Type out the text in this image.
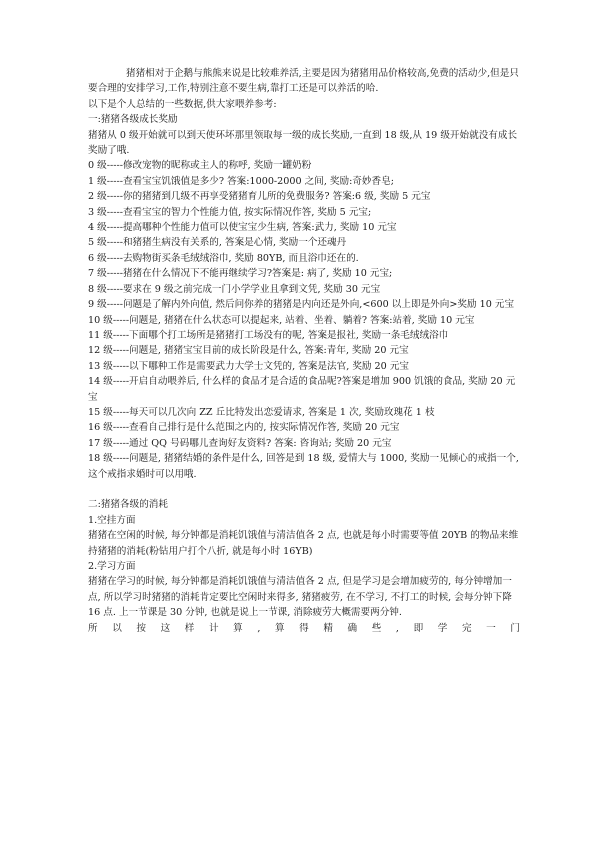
猪猪相对于企鹅与熊熊来说是比较难养活,主要是因为猪猪用品价格较高,免费的活动少,但是只要合理的安排学习,工作,特别注意不要生病,靠打工还是可以养活的哈.

以下是个人总结的一些数据,供大家喂养参考:

一:猪猪各级成长奖励

猪猪从 0 级开始就可以到天使环坏那里领取每一级的成长奖励,一直到 18 级,从 19 级开始就没有成长奖励了哦.

0 级-----修改宠物的昵称或主人的称呼, 奖励一罐奶粉

1 级-----查看宝宝饥饿值是多少? 答案:1000-2000 之间, 奖励:奇妙香皂;

2 级-----你的猪猪到几级不再享受猪猪育儿所的免费服务? 答案:6 级, 奖励 5 元宝

3 级-----查看宝宝的智力个性能力值, 按实际情况作答, 奖励 5 元宝;

4 级-----提高哪种个性能力值可以使宝宝少生病, 答案:武力, 奖励 10 元宝

5 级-----和猪猪生病没有关系的, 答案是心情, 奖励一个还魂丹

6 级-----去购物街买条毛绒绒浴巾, 奖励 80YB, 而且浴巾还在的.

7 级-----猪猪在什么情况下不能再继续学习?答案是: 病了, 奖励 10 元宝;

8 级-----要求在 9 级之前完成一门小学学业且拿到文凭, 奖励 30 元宝

9 级-----问题是了解内外向值, 然后问你养的猪猪是内向还是外向,<600 以上即是外向>奖励 10 元宝

10 级-----问题是, 猪猪在什么状态可以提起来, 站着、坐着、躺着? 答案:站着, 奖励 10 元宝

11 级-----下面哪个打工场所是猪猪打工场没有的呢, 答案是报社, 奖励一条毛绒绒浴巾

12 级-----问题是, 猪猪宝宝目前的成长阶段是什么, 答案:青年, 奖励 20 元宝

13 级-----以下哪种工作是需要武力大学士文凭的, 答案是法官, 奖励 20 元宝

14 级-----开启自动喂养后, 什么样的食品才是合适的食品呢?答案是增加 900 饥饿的食品, 奖励 20 元宝

15 级-----每天可以几次向 ZZ 丘比特发出恋爱请求, 答案是 1 次, 奖励玫瑰花 1 枝

16 级-----查看自己排行是什么范围之内的, 按实际情况作答, 奖励 20 元宝

17 级-----通过 QQ 号码哪儿查询好友资料? 答案: 咨询站; 奖励 20 元宝

18 级-----问题是, 猪猪结婚的条件是什么, 回答是到 18 级, 爱情大与 1000, 奖励一见倾心的戒指一个, 这个戒指求婚时可以用哦.

二:猪猪各级的消耗

1.空挂方面

猪猪在空闲的时候, 每分钟都是消耗饥饿值与清洁值各 2 点, 也就是每小时需要等值 20YB 的物品来维持猪猪的消耗(粉钻用户打个八折, 就是每小时 16YB)

2.学习方面

猪猪在学习的时候, 每分钟都是消耗饥饿值与清洁值各 2 点, 但是学习是会增加疲劳的, 每分钟增加一点, 所以学习时猪猪的消耗肯定要比空闲时来得多, 猪猪疲劳, 在不学习, 不打工的时候, 会每分钟下降 16 点. 上一节课是 30 分钟, 也就是说上一节课, 消除疲劳大概需要两分钟.

所 以 按 这 样 计 算 , 算 得 精 确 些 , 即 学 完 一 门
